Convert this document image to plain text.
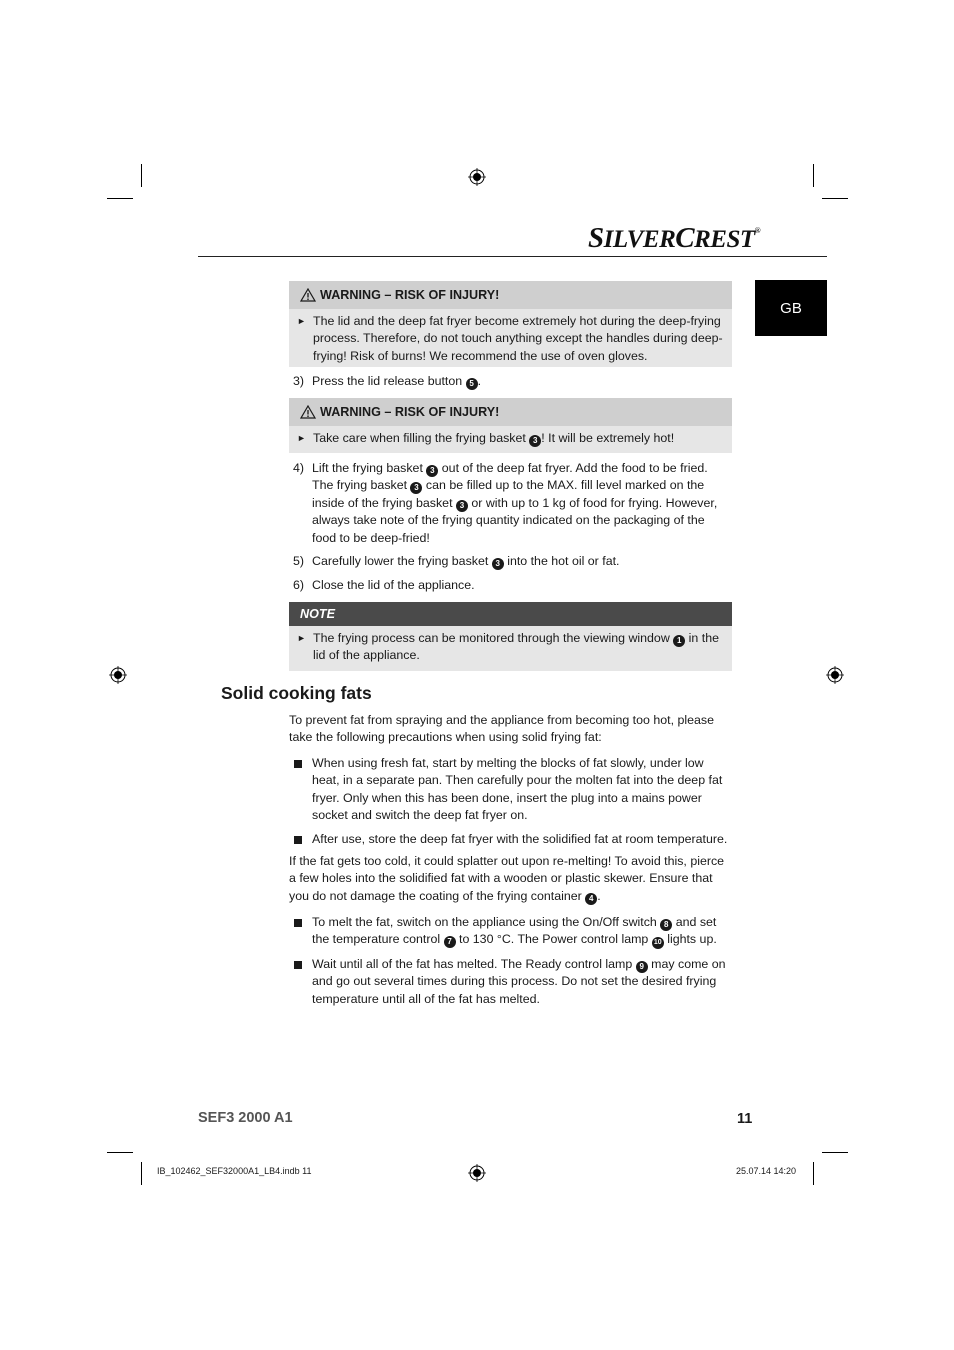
SILVERCREST®
GB
WARNING – RISK OF INJURY!
► The lid and the deep fat fryer become extremely hot during the deep-frying process. Therefore, do not touch anything except the handles during deep-frying! Risk of burns! We recommend the use of oven gloves.
3) Press the lid release button 5 .
WARNING – RISK OF INJURY!
► Take care when filling the frying basket 3 ! It will be extremely hot!
4) Lift the frying basket 3 out of the deep fat fryer. Add the food to be fried. The frying basket 3 can be filled up to the MAX. fill level marked on the inside of the frying basket 3 or with up to 1 kg of food for frying. However, always take note of the frying quantity indicated on the packaging of the food to be deep-fried!
5) Carefully lower the frying basket 3 into the hot oil or fat.
6) Close the lid of the appliance.
NOTE
► The frying process can be monitored through the viewing window 1 in the lid of the appliance.
Solid cooking fats
To prevent fat from spraying and the appliance from becoming too hot, please take the following precautions when using solid frying fat:
When using fresh fat, start by melting the blocks of fat slowly, under low heat, in a separate pan. Then carefully pour the molten fat into the deep fat fryer. Only when this has been done, insert the plug into a mains power socket and switch the deep fat fryer on.
After use, store the deep fat fryer with the solidified fat at room temperature.
If the fat gets too cold, it could splatter out upon re-melting! To avoid this, pierce a few holes into the solidified fat with a wooden or plastic skewer. Ensure that you do not damage the coating of the frying container 4 .
To melt the fat, switch on the appliance using the On/Off switch 8 and set the temperature control 7 to 130 °C. The Power control lamp 10 lights up.
Wait until all of the fat has melted. The Ready control lamp 9 may come on and go out several times during this process. Do not set the desired frying temperature until all of the fat has melted.
SEF3 2000 A1	11
IB_102462_SEF32000A1_LB4.indb 11	25.07.14 14:20
